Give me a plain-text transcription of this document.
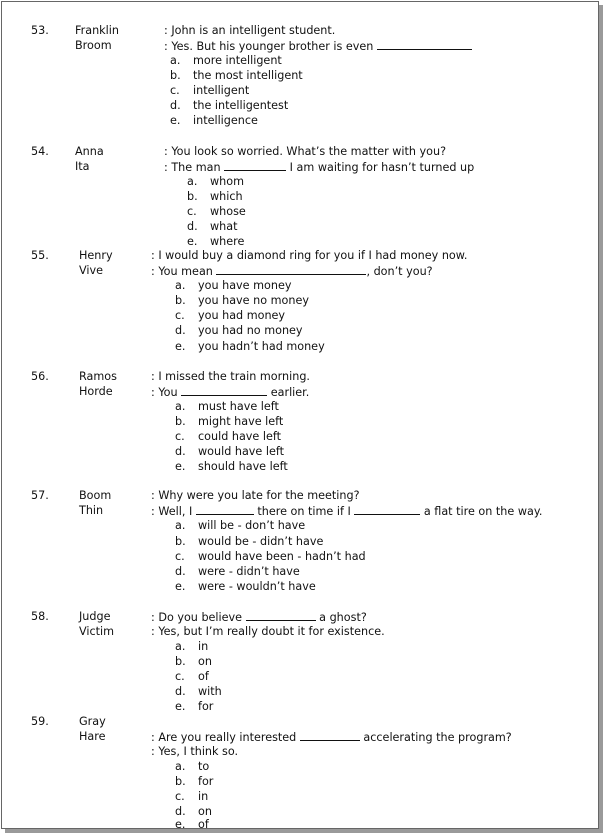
53. Franklin
Broom
: John is an intelligent student.
: Yes. But his younger brother is even
a. more intelligent
b. the most intelligent
c. intelligent
d. the intelligentest
e. intelligence
54. Anna
Ita
: You look so worried. What’s the matter with you?
: The man	I am waiting for hasn’t turned up
a. whom
b. which
c. whose
d. what
e. where
55.	Henry
Vive
: I would buy a diamond ring for you if I had money now.
: You mean	, don’t you?
a. you have money
b. you have no money
c. you had money
d. you had no money
e. you hadn’t had money
56.	Ramos
Horde
: I missed the train morning.
: You	earlier.
a. must have left
b. might have left
c. could have left
d. would have left
e. should have left
57.	Boom
Thin
: Why were you late for the meeting?
: Well, I	there on time if I	a flat tire on the way.
a. will be - don’t have
b. would be - didn’t have
c. would have been - hadn’t had
d. were - didn’t have
e. were - wouldn’t have
58.	Judge
Victim
: Do you believe	a ghost?
: Yes, but I’m really doubt it for existence.
a. in
b. on
c. of
d. with
e. for
59.	Gray
Hare	: Are you really interested	accelerating the program?
: Yes, I think so.
a. to
b. for
c. in
d. on
e. of
